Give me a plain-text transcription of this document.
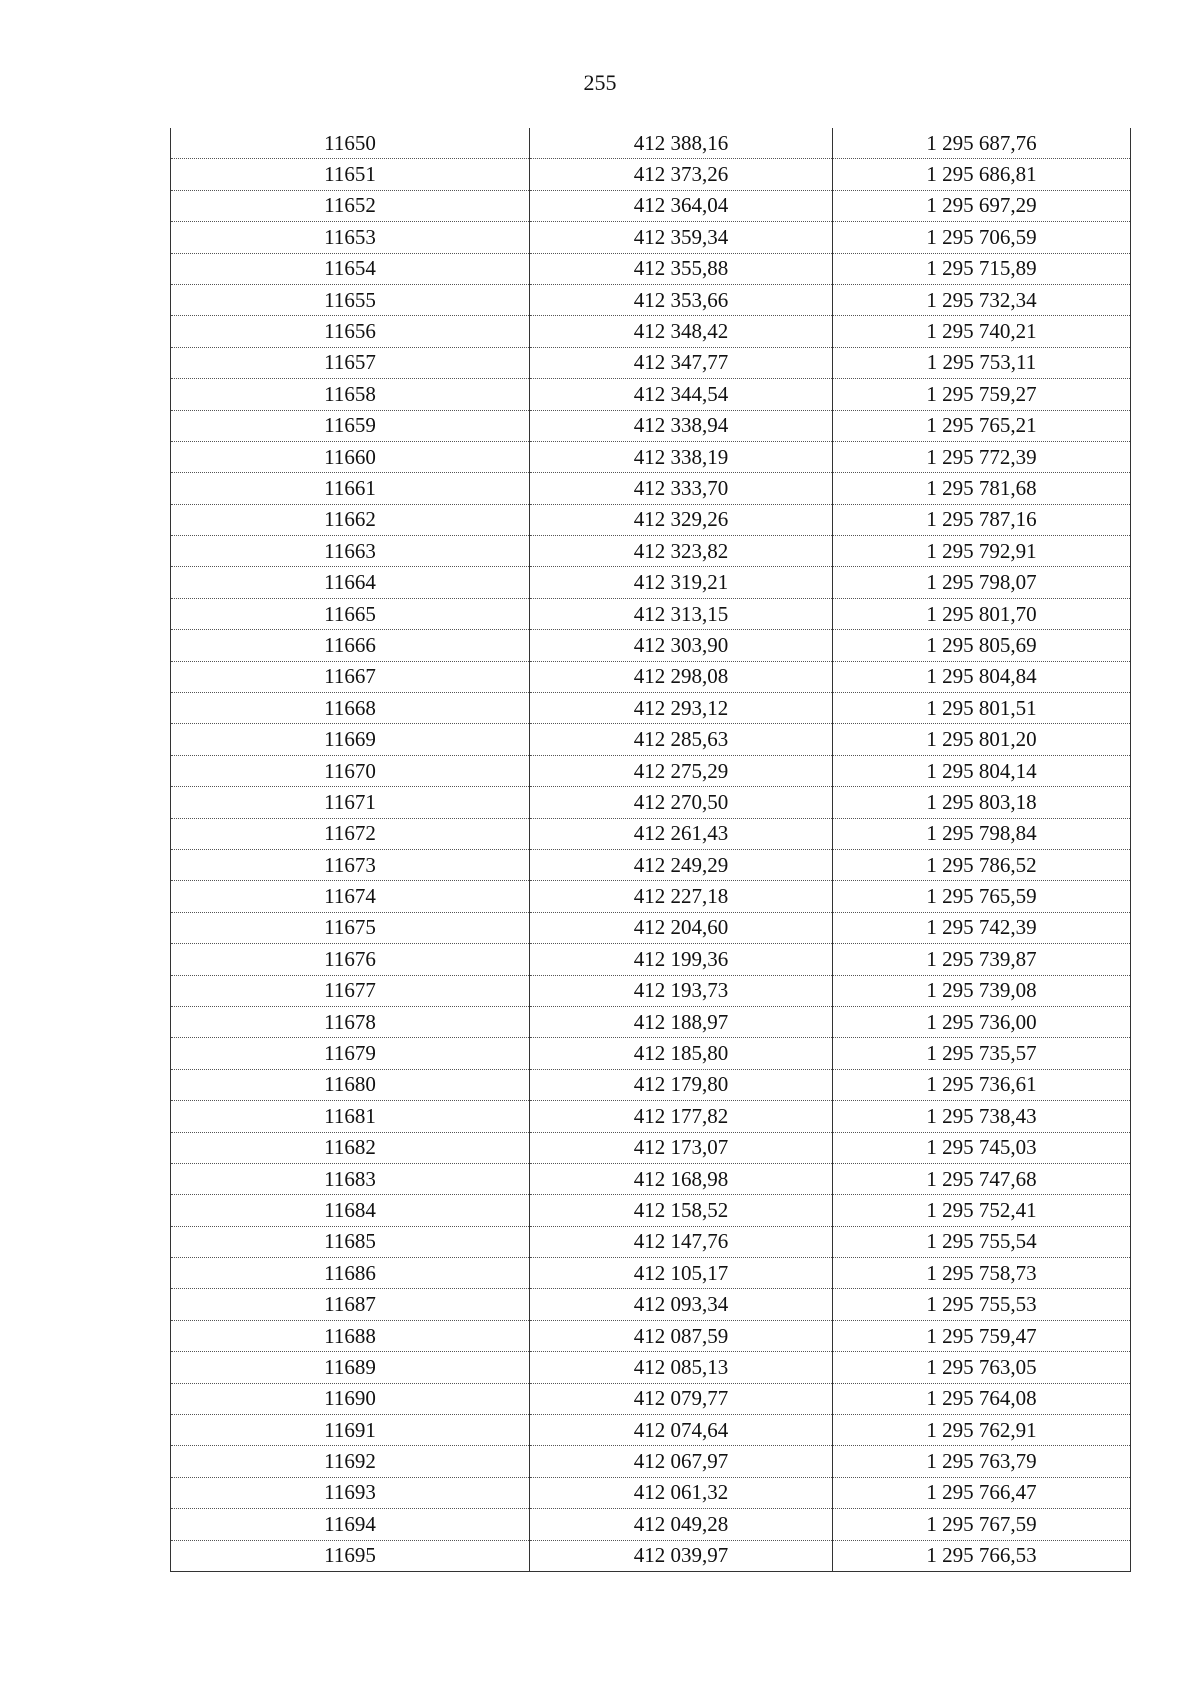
255
11650	412 388,16	1 295 687,76
11651	412 373,26	1 295 686,81
11652	412 364,04	1 295 697,29
11653	412 359,34	1 295 706,59
11654	412 355,88	1 295 715,89
11655	412 353,66	1 295 732,34
11656	412 348,42	1 295 740,21
11657	412 347,77	1 295 753,11
11658	412 344,54	1 295 759,27
11659	412 338,94	1 295 765,21
11660	412 338,19	1 295 772,39
11661	412 333,70	1 295 781,68
11662	412 329,26	1 295 787,16
11663	412 323,82	1 295 792,91
11664	412 319,21	1 295 798,07
11665	412 313,15	1 295 801,70
11666	412 303,90	1 295 805,69
11667	412 298,08	1 295 804,84
11668	412 293,12	1 295 801,51
11669	412 285,63	1 295 801,20
11670	412 275,29	1 295 804,14
11671	412 270,50	1 295 803,18
11672	412 261,43	1 295 798,84
11673	412 249,29	1 295 786,52
11674	412 227,18	1 295 765,59
11675	412 204,60	1 295 742,39
11676	412 199,36	1 295 739,87
11677	412 193,73	1 295 739,08
11678	412 188,97	1 295 736,00
11679	412 185,80	1 295 735,57
11680	412 179,80	1 295 736,61
11681	412 177,82	1 295 738,43
11682	412 173,07	1 295 745,03
11683	412 168,98	1 295 747,68
11684	412 158,52	1 295 752,41
11685	412 147,76	1 295 755,54
11686	412 105,17	1 295 758,73
11687	412 093,34	1 295 755,53
11688	412 087,59	1 295 759,47
11689	412 085,13	1 295 763,05
11690	412 079,77	1 295 764,08
11691	412 074,64	1 295 762,91
11692	412 067,97	1 295 763,79
11693	412 061,32	1 295 766,47
11694	412 049,28	1 295 767,59
11695	412 039,97	1 295 766,53
